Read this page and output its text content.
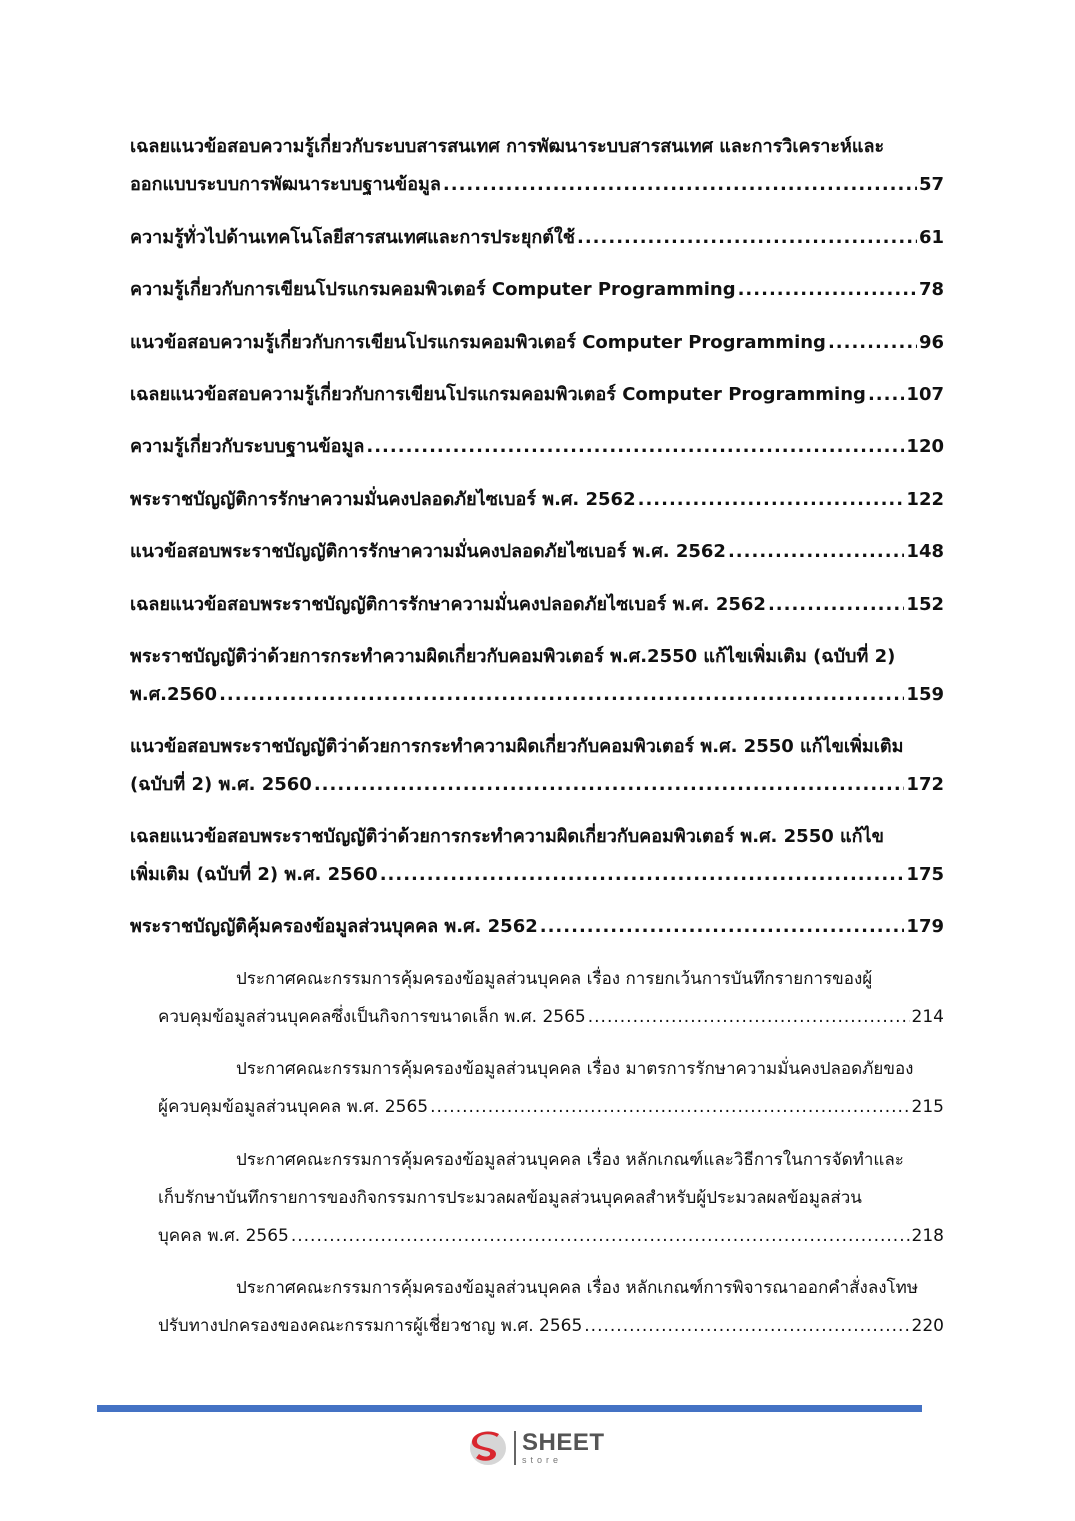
เฉลยแนวข้อสอบความรู้เกี่ยวกับระบบสารสนเทศ การพัฒนาระบบสารสนเทศ และการวิเคราะห์และ
ออกแบบระบบการพัฒนาระบบฐานข้อมูล .....	57
ความรู้ทั่วไปด้านเทคโนโลยีสารสนเทศและการประยุกต์ใช้ .....	61
ความรู้เกี่ยวกับการเขียนโปรแกรมคอมพิวเตอร์ Computer Programming .....	78
แนวข้อสอบความรู้เกี่ยวกับการเขียนโปรแกรมคอมพิวเตอร์ Computer Programming .....	96
เฉลยแนวข้อสอบความรู้เกี่ยวกับการเขียนโปรแกรมคอมพิวเตอร์ Computer Programming ..... 107
ความรู้เกี่ยวกับระบบฐานข้อมูล .....	120
พระราชบัญญัติการรักษาความมั่นคงปลอดภัยไซเบอร์ พ.ศ. 2562 .....	122
แนวข้อสอบพระราชบัญญัติการรักษาความมั่นคงปลอดภัยไซเบอร์ พ.ศ. 2562 .....	148
เฉลยแนวข้อสอบพระราชบัญญัติการรักษาความมั่นคงปลอดภัยไซเบอร์ พ.ศ. 2562 .....	152
พระราชบัญญัติว่าด้วยการกระทำความผิดเกี่ยวกับคอมพิวเตอร์ พ.ศ.2550 แก้ไขเพิ่มเติม (ฉบับที่ 2)
พ.ศ.2560 .....	159
แนวข้อสอบพระราชบัญญัติว่าด้วยการกระทำความผิดเกี่ยวกับคอมพิวเตอร์ พ.ศ. 2550 แก้ไขเพิ่มเติม
(ฉบับที่ 2) พ.ศ. 2560 .....	172
เฉลยแนวข้อสอบพระราชบัญญัติว่าด้วยการกระทำความผิดเกี่ยวกับคอมพิวเตอร์ พ.ศ. 2550 แก้ไข
เพิ่มเติม (ฉบับที่ 2) พ.ศ. 2560 .....	175
พระราชบัญญัติคุ้มครองข้อมูลส่วนบุคคล พ.ศ. 2562 .....	179
ประกาศคณะกรรมการคุ้มครองข้อมูลส่วนบุคคล เรื่อง การยกเว้นการบันทึกรายการของผู้
ควบคุมข้อมูลส่วนบุคคลซึ่งเป็นกิจการขนาดเล็ก พ.ศ. 2565 .....	214
ประกาศคณะกรรมการคุ้มครองข้อมูลส่วนบุคคล เรื่อง มาตรการรักษาความมั่นคงปลอดภัยของ
ผู้ควบคุมข้อมูลส่วนบุคคล พ.ศ. 2565 .....	215
ประกาศคณะกรรมการคุ้มครองข้อมูลส่วนบุคคล เรื่อง หลักเกณฑ์และวิธีการในการจัดทำและ
เก็บรักษาบันทึกรายการของกิจกรรมการประมวลผลข้อมูลส่วนบุคคลสำหรับผู้ประมวลผลข้อมูลส่วน
บุคคล พ.ศ. 2565 .....	218
ประกาศคณะกรรมการคุ้มครองข้อมูลส่วนบุคคล เรื่อง หลักเกณฑ์การพิจารณาออกคำสั่งลงโทษ
ปรับทางปกครองของคณะกรรมการผู้เชี่ยวชาญ พ.ศ. 2565 .....	220
SHEET
store
